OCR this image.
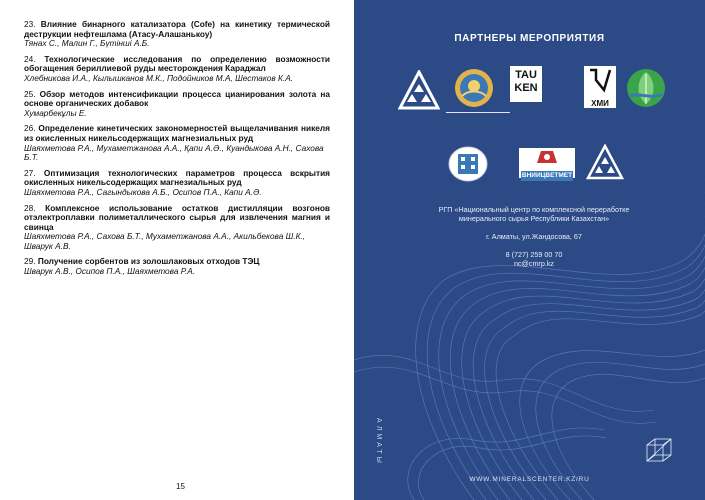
23. Влияние бинарного катализатора (Cofe) на кинетику термической деструкции нефтешлама (Атасу-Алашанькоу)
Тянах С., Малин Г., Бүтінші А.Б.
24. Технологические исследования по определению возможности обогащения бериллиевой руды месторождения Караджал
Хлебникова И.А., Кылышканов М.К., Подойников М.А, Шестаков К.А.
25. Обзор методов интенсификации процесса цианирования золота на основе органических добавок
Хумарбекұлы Е.
26. Определение кинетических закономерностей выщелачивания никеля из окисленных никельсодержащих магнезиальных руд
Шаяхметова Р.А., Мухаметжанова А.А., Қапи А.Ә., Куандыкова А.Н., Сахова Б.Т.
27. Оптимизация технологических параметров процесса вскрытия окисленных никельсодержащих магнезиальных руд
Шаяхметова Р.А., Сагындыкова А.Б., Осипов П.А., Капи А.Ә.
28. Комплексное использование остатков дистилляции возгонов отэлектроплавки полиметаллического сырья для извлечения магния и свинца
Шаяхметова Р.А., Сахова Б.Т., Мухаметжанова А.А., Акильбекова Ш.К., Шварук А.В.
29. Получение сорбентов из золошлаковых отходов ТЭЦ
Шварук А.В., Осипов П.А., Шаяхметова Р.А.
15
ПАРТНЕРЫ МЕРОПРИЯТИЯ
TAU
KEN
ХМИ
ВНИИЦВЕТМЕТ
РГП «Национальный центр по комплексной переработке
минерального сырья Республики Казахстан»
г. Алматы, ул.Жандосова, 67
8 (727) 259 00 70
nc@cmrp.kz
АЛМАТЫ
WWW.MINERALSCENTER.KZ/RU
